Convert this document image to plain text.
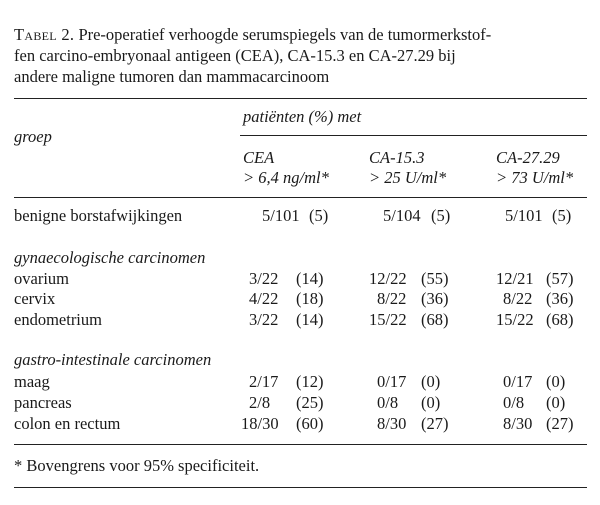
Tabel 2. Pre-operatief verhoogde serumspiegels van de tumormerkstof-
fen carcino-embryonaal antigeen (CEA), CA-15.3 en CA-27.29 bij
andere maligne tumoren dan mammacarcinoom
groep
patiënten (%) met
CEA
> 6,4 ng/ml*
CA-15.3
> 25 U/ml*
CA-27.29
> 73 U/ml*
benigne borstafwijkingen	5/101 (5)	5/104 (5)	5/101 (5)
gynaecologische carcinomen
ovarium	3/22 (14)	12/22 (55)	12/21 (57)
cervix	4/22 (18)	8/22 (36)	8/22 (36)
endometrium	3/22 (14)	15/22 (68)	15/22 (68)
gastro-intestinale carcinomen
maag	2/17 (12)	0/17 (0)	0/17 (0)
pancreas	2/8 (25)	0/8 (0)	0/8 (0)
colon en rectum	18/30 (60)	8/30 (27)	8/30 (27)
* Bovengrens voor 95% specificiteit.
